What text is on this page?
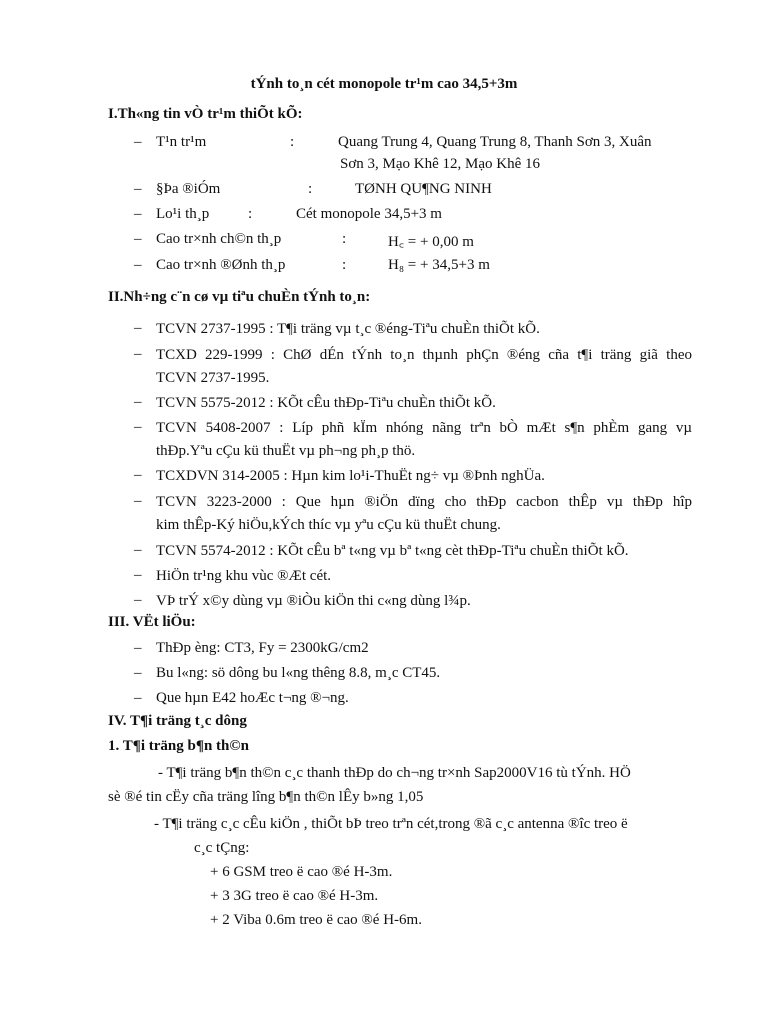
tÝnh to¸n cét monopole tr¹m cao 34,5+3m
I.Th«ng tin vÒ tr¹m thiÕt kÕ:
– T¹n tr¹m	:	Quang Trung 4, Quang Trung 8, Thanh Sơn 3, Xuân
Sơn 3, Mạo Khê 12, Mạo Khê 16
– §Þa ®iÓm	:	TØNH QU¶NG NINH
– Lo¹i th¸p	:	Cét monopole 34,5+3 m
– Cao tr×nh ch©n th¸p	:	H꜀ = + 0,00 m
– Cao tr×nh ®Ønh th¸p	:	H₈ = + 34,5+3 m
II.Nh÷ng c¨n cø vµ tiªu chuÈn tÝnh to¸n:
– TCVN 2737-1995 : T¶i träng vµ t¸c ®éng-Tiªu chuÈn thiÕt kÕ.
– TCXD 229-1999 : ChØ dÉn tÝnh to¸n thµnh phÇn ®éng cña t¶i träng giã theo
TCVN 2737-1995.
– TCVN 5575-2012 : KÕt cÊu thÐp-Tiªu chuÈn thiÕt kÕ.
– TCVN 5408-2007 : Líp phñ kÏm nhóng nãng trªn bÒ mÆt s¶n phÈm gang vµ
thÐp.Yªu cÇu kü thuËt vµ ph¬ng ph¸p thö.
– TCXDVN 314-2005 : Hµn kim lo¹i-ThuËt ng÷ vµ ®Þnh nghÜa.
– TCVN 3223-2000 : Que hµn ®iÖn dïng cho thÐp cacbon thÊp vµ thÐp hîp
kim thÊp-Ký hiÖu,kÝch thíc vµ yªu cÇu kü thuËt chung.
– TCVN 5574-2012 : KÕt cÊu bª t«ng vµ bª t«ng cèt thÐp-Tiªu chuÈn thiÕt kÕ.
– HiÖn tr¹ng khu vùc ®Æt cét.
– VÞ trÝ x©y dùng vµ ®iÒu kiÖn thi c«ng dùng l¾p.
III. VËt liÖu:
– ThÐp èng: CT3, Fy = 2300kG/cm2
– Bu l«ng: sö dông bu l«ng thêng 8.8, m¸c CT45.
– Que hµn E42 hoÆc t¬ng ®¬ng.
IV. T¶i träng t¸c dông
1. T¶i träng b¶n th©n
- T¶i träng b¶n th©n c¸c thanh thÐp do ch¬ng tr×nh Sap2000V16 tù tÝnh. HÖ
sè ®é tin cËy cña träng lîng b¶n th©n lÊy b»ng 1,05
- T¶i träng c¸c cÊu kiÖn , thiÕt bÞ treo trªn cét,trong ®ã c¸c antenna ®îc treo ë
c¸c tÇng:
+ 6 GSM treo ë cao ®é H-3m.
+ 3 3G treo ë cao ®é H-3m.
+ 2 Viba 0.6m treo ë cao ®é H-6m.
